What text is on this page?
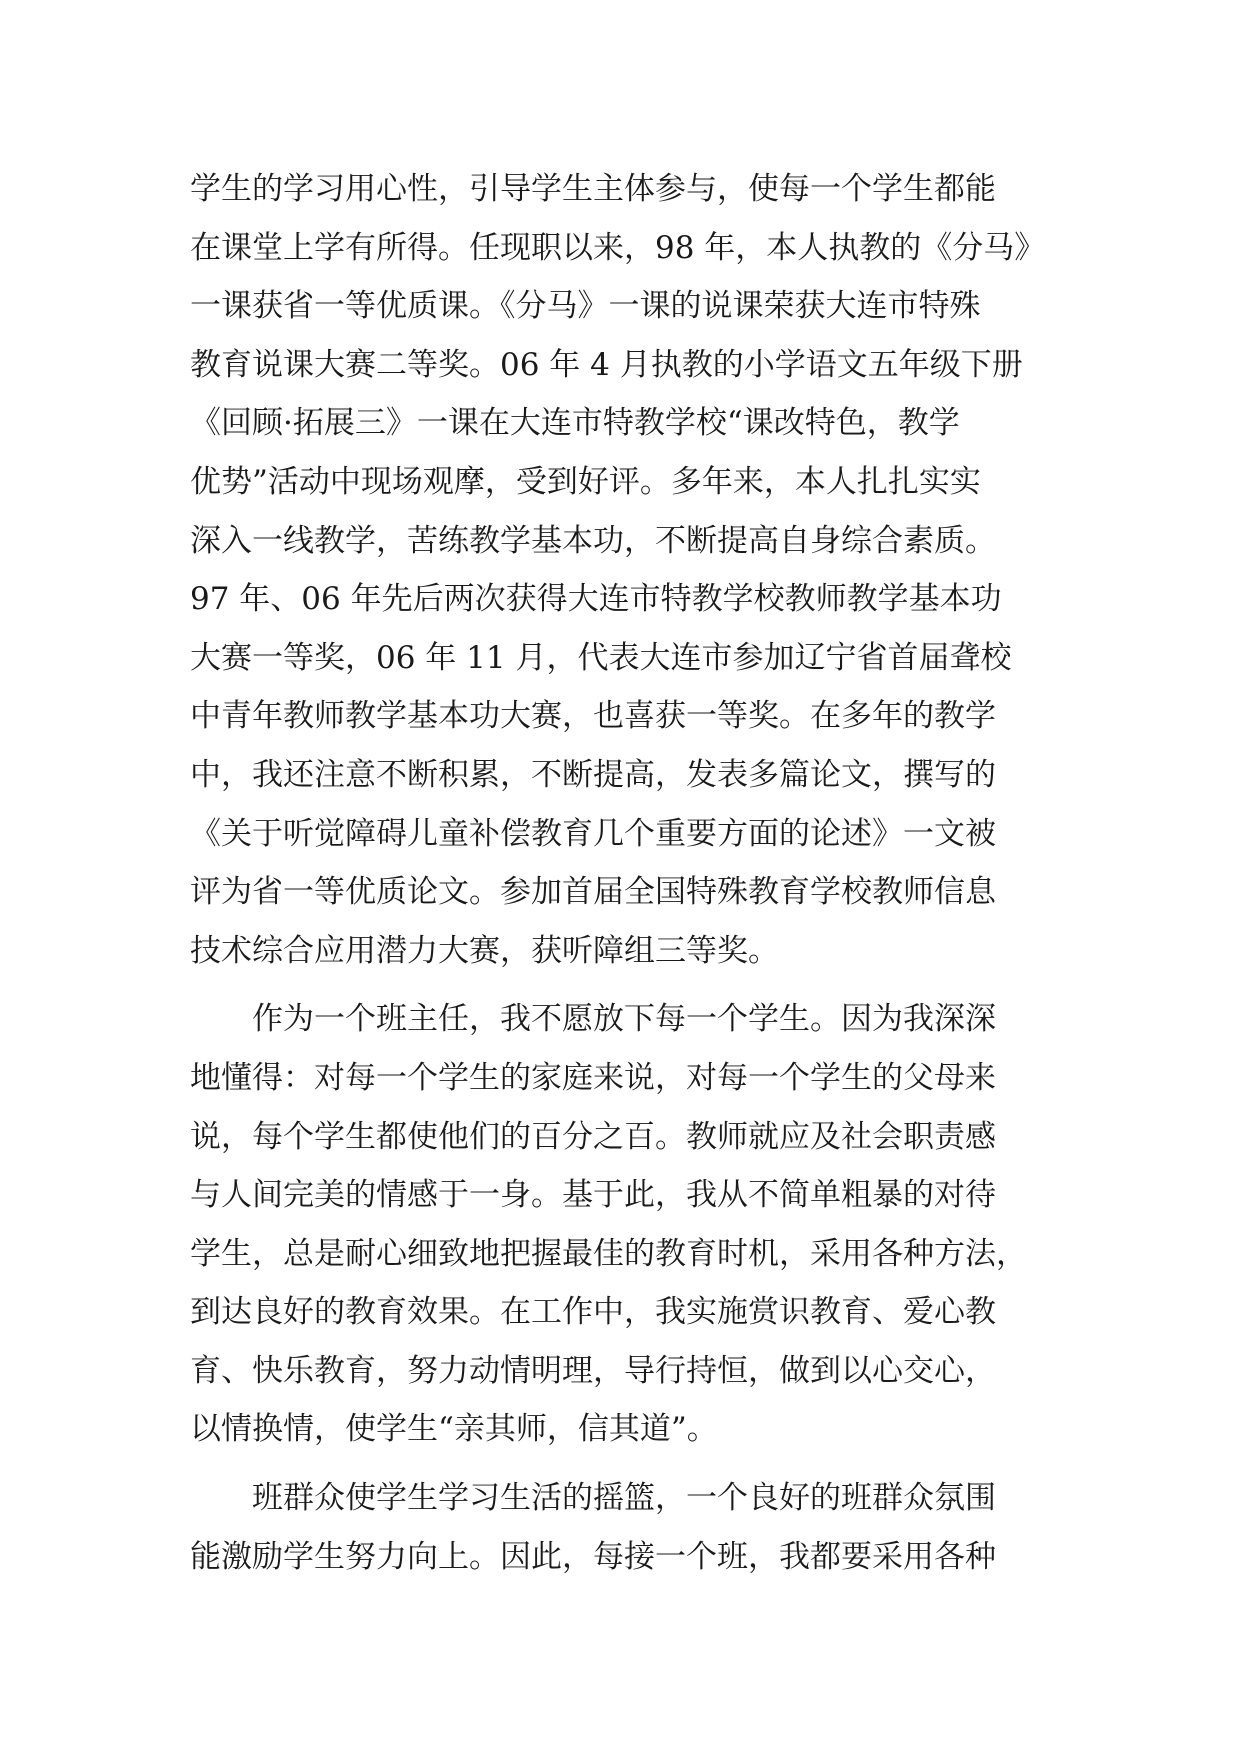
学生的学习用心性，引导学生主体参与，使每一个学生都能
在课堂上学有所得。任现职以来，98 年，本人执教的《分马》
一课获省一等优质课。《分马》一课的说课荣获大连市特殊
教育说课大赛二等奖。06 年 4 月执教的小学语文五年级下册
《回顾·拓展三》一课在大连市特教学校“课改特色，教学
优势”活动中现场观摩，受到好评。多年来，本人扎扎实实
深入一线教学，苦练教学基本功，不断提高自身综合素质。
97 年、06 年先后两次获得大连市特教学校教师教学基本功
大赛一等奖，06 年 11 月，代表大连市参加辽宁省首届聋校
中青年教师教学基本功大赛，也喜获一等奖。在多年的教学
中，我还注意不断积累，不断提高，发表多篇论文，撰写的
《关于听觉障碍儿童补偿教育几个重要方面的论述》一文被
评为省一等优质论文。参加首届全国特殊教育学校教师信息
技术综合应用潜力大赛，获听障组三等奖。
作为一个班主任，我不愿放下每一个学生。因为我深深
地懂得：对每一个学生的家庭来说，对每一个学生的父母来
说，每个学生都使他们的百分之百。教师就应及社会职责感
与人间完美的情感于一身。基于此，我从不简单粗暴的对待
学生，总是耐心细致地把握最佳的教育时机，采用各种方法，
到达良好的教育效果。在工作中，我实施赏识教育、爱心教
育、快乐教育，努力动情明理，导行持恒，做到以心交心，
以情换情，使学生“亲其师，信其道”。
班群众使学生学习生活的摇篮，一个良好的班群众氛围
能激励学生努力向上。因此，每接一个班，我都要采用各种
